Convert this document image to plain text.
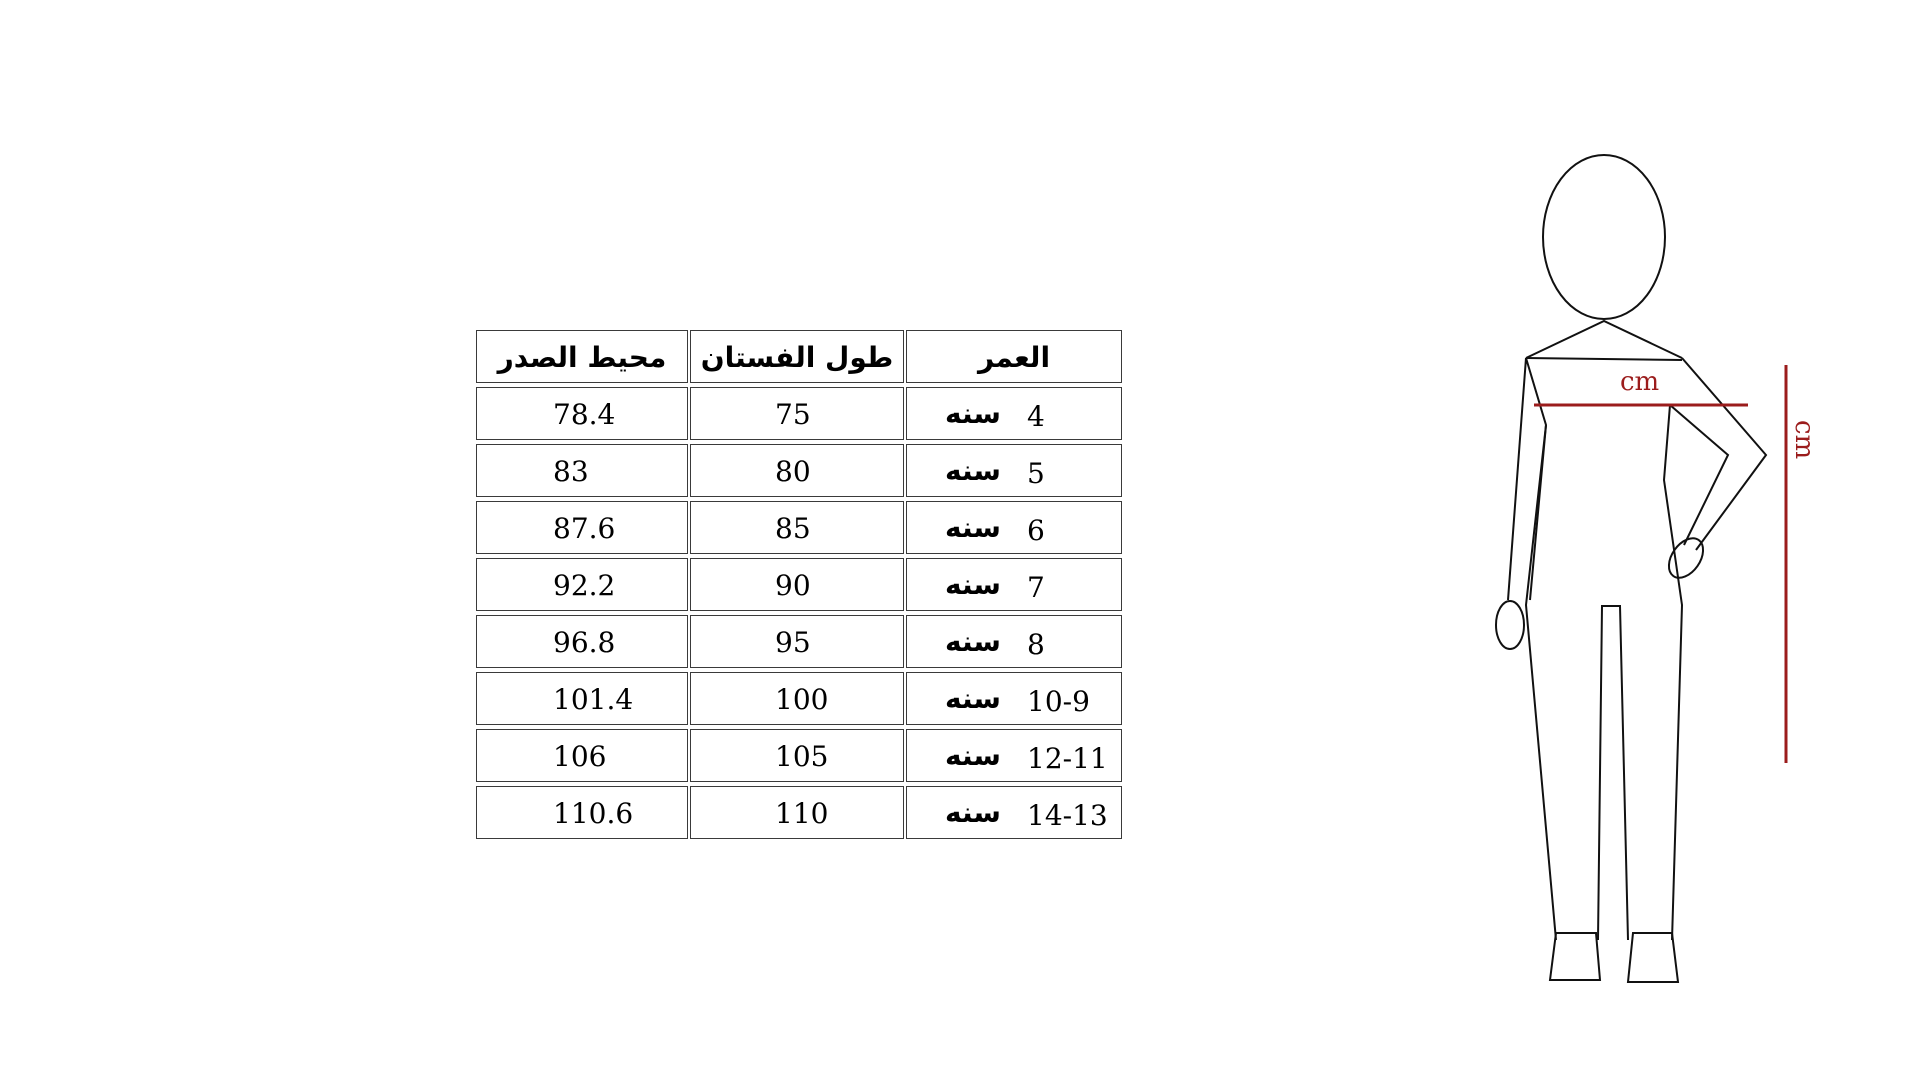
محيط الصدر	طول الفستان	العمر
78.4	75	سنه 4
83	80	سنه 5
87.6	85	سنه 6
92.2	90	سنه 7
96.8	95	سنه 8
101.4	100	سنه 10-9
106	105	سنه 12-11
110.6	110	سنه 14-13
cm
cm
